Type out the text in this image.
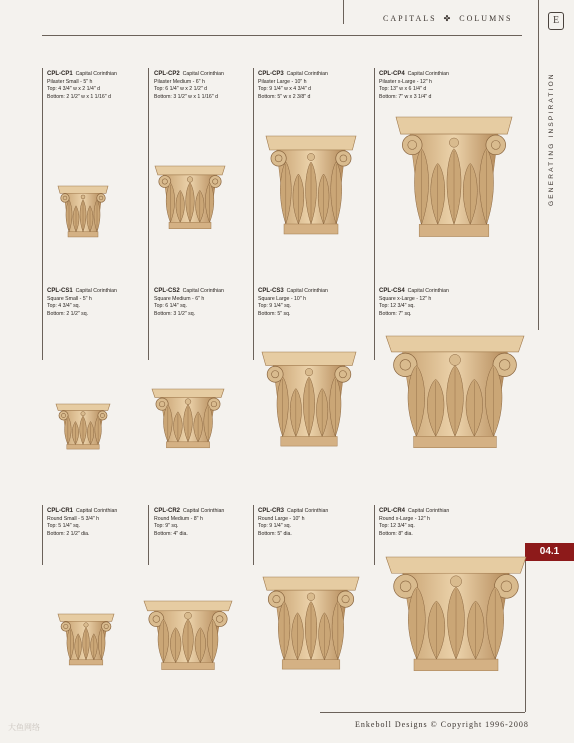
CAPITALS ✤ COLUMNS	E
GENERATING INSPIRATION
04.1
CPL-CP1 Capital Corinthian
Pilaster Small - 5" h
Top: 4 3/4" w x 2 1/4" d
Bottom: 2 1/2" w x 1 1/16" d
CPL-CP2 Capital Corinthian
Pilaster Medium - 6" h
Top: 6 1/4" w x 2 1/2" d
Bottom: 3 1/2" w x 1 1/16" d
CPL-CP3 Capital Corinthian
Pilaster Large - 10" h
Top: 9 1/4" w x 4 3/4" d
Bottom: 5" w x 2 3/8" d
CPL-CP4 Capital Corinthian
Pilaster x-Large - 12" h
Top: 13" w x 6 1/4" d
Bottom: 7" w x 3 1/4" d
CPL-CS1 Capital Corinthian
Square Small - 5" h
Top: 4 3/4" sq.
Bottom: 2 1/2" sq.
CPL-CS2 Capital Corinthian
Square Medium - 6" h
Top: 6 1/4" sq.
Bottom: 3 1/2" sq.
CPL-CS3 Capital Corinthian
Square Large - 10" h
Top: 9 1/4" sq.
Bottom: 5" sq.
CPL-CS4 Capital Corinthian
Square x-Large - 12" h
Top: 12 3/4" sq.
Bottom: 7" sq.
CPL-CR1 Capital Corinthian
Round Small - 5 3/4" h
Top: 5 1/4" sq.
Bottom: 2 1/2" dia.
CPL-CR2 Capital Corinthian
Round Medium - 8" h
Top: 9" sq.
Bottom: 4" dia.
CPL-CR3 Capital Corinthian
Round Large - 10" h
Top: 9 1/4" sq.
Bottom: 5" dia.
CPL-CR4 Capital Corinthian
Round x-Large - 12" h
Top: 12 3/4" sq.
Bottom: 8" dia.
Enkeboll Designs © Copyright 1996-2008
大鱼网络
